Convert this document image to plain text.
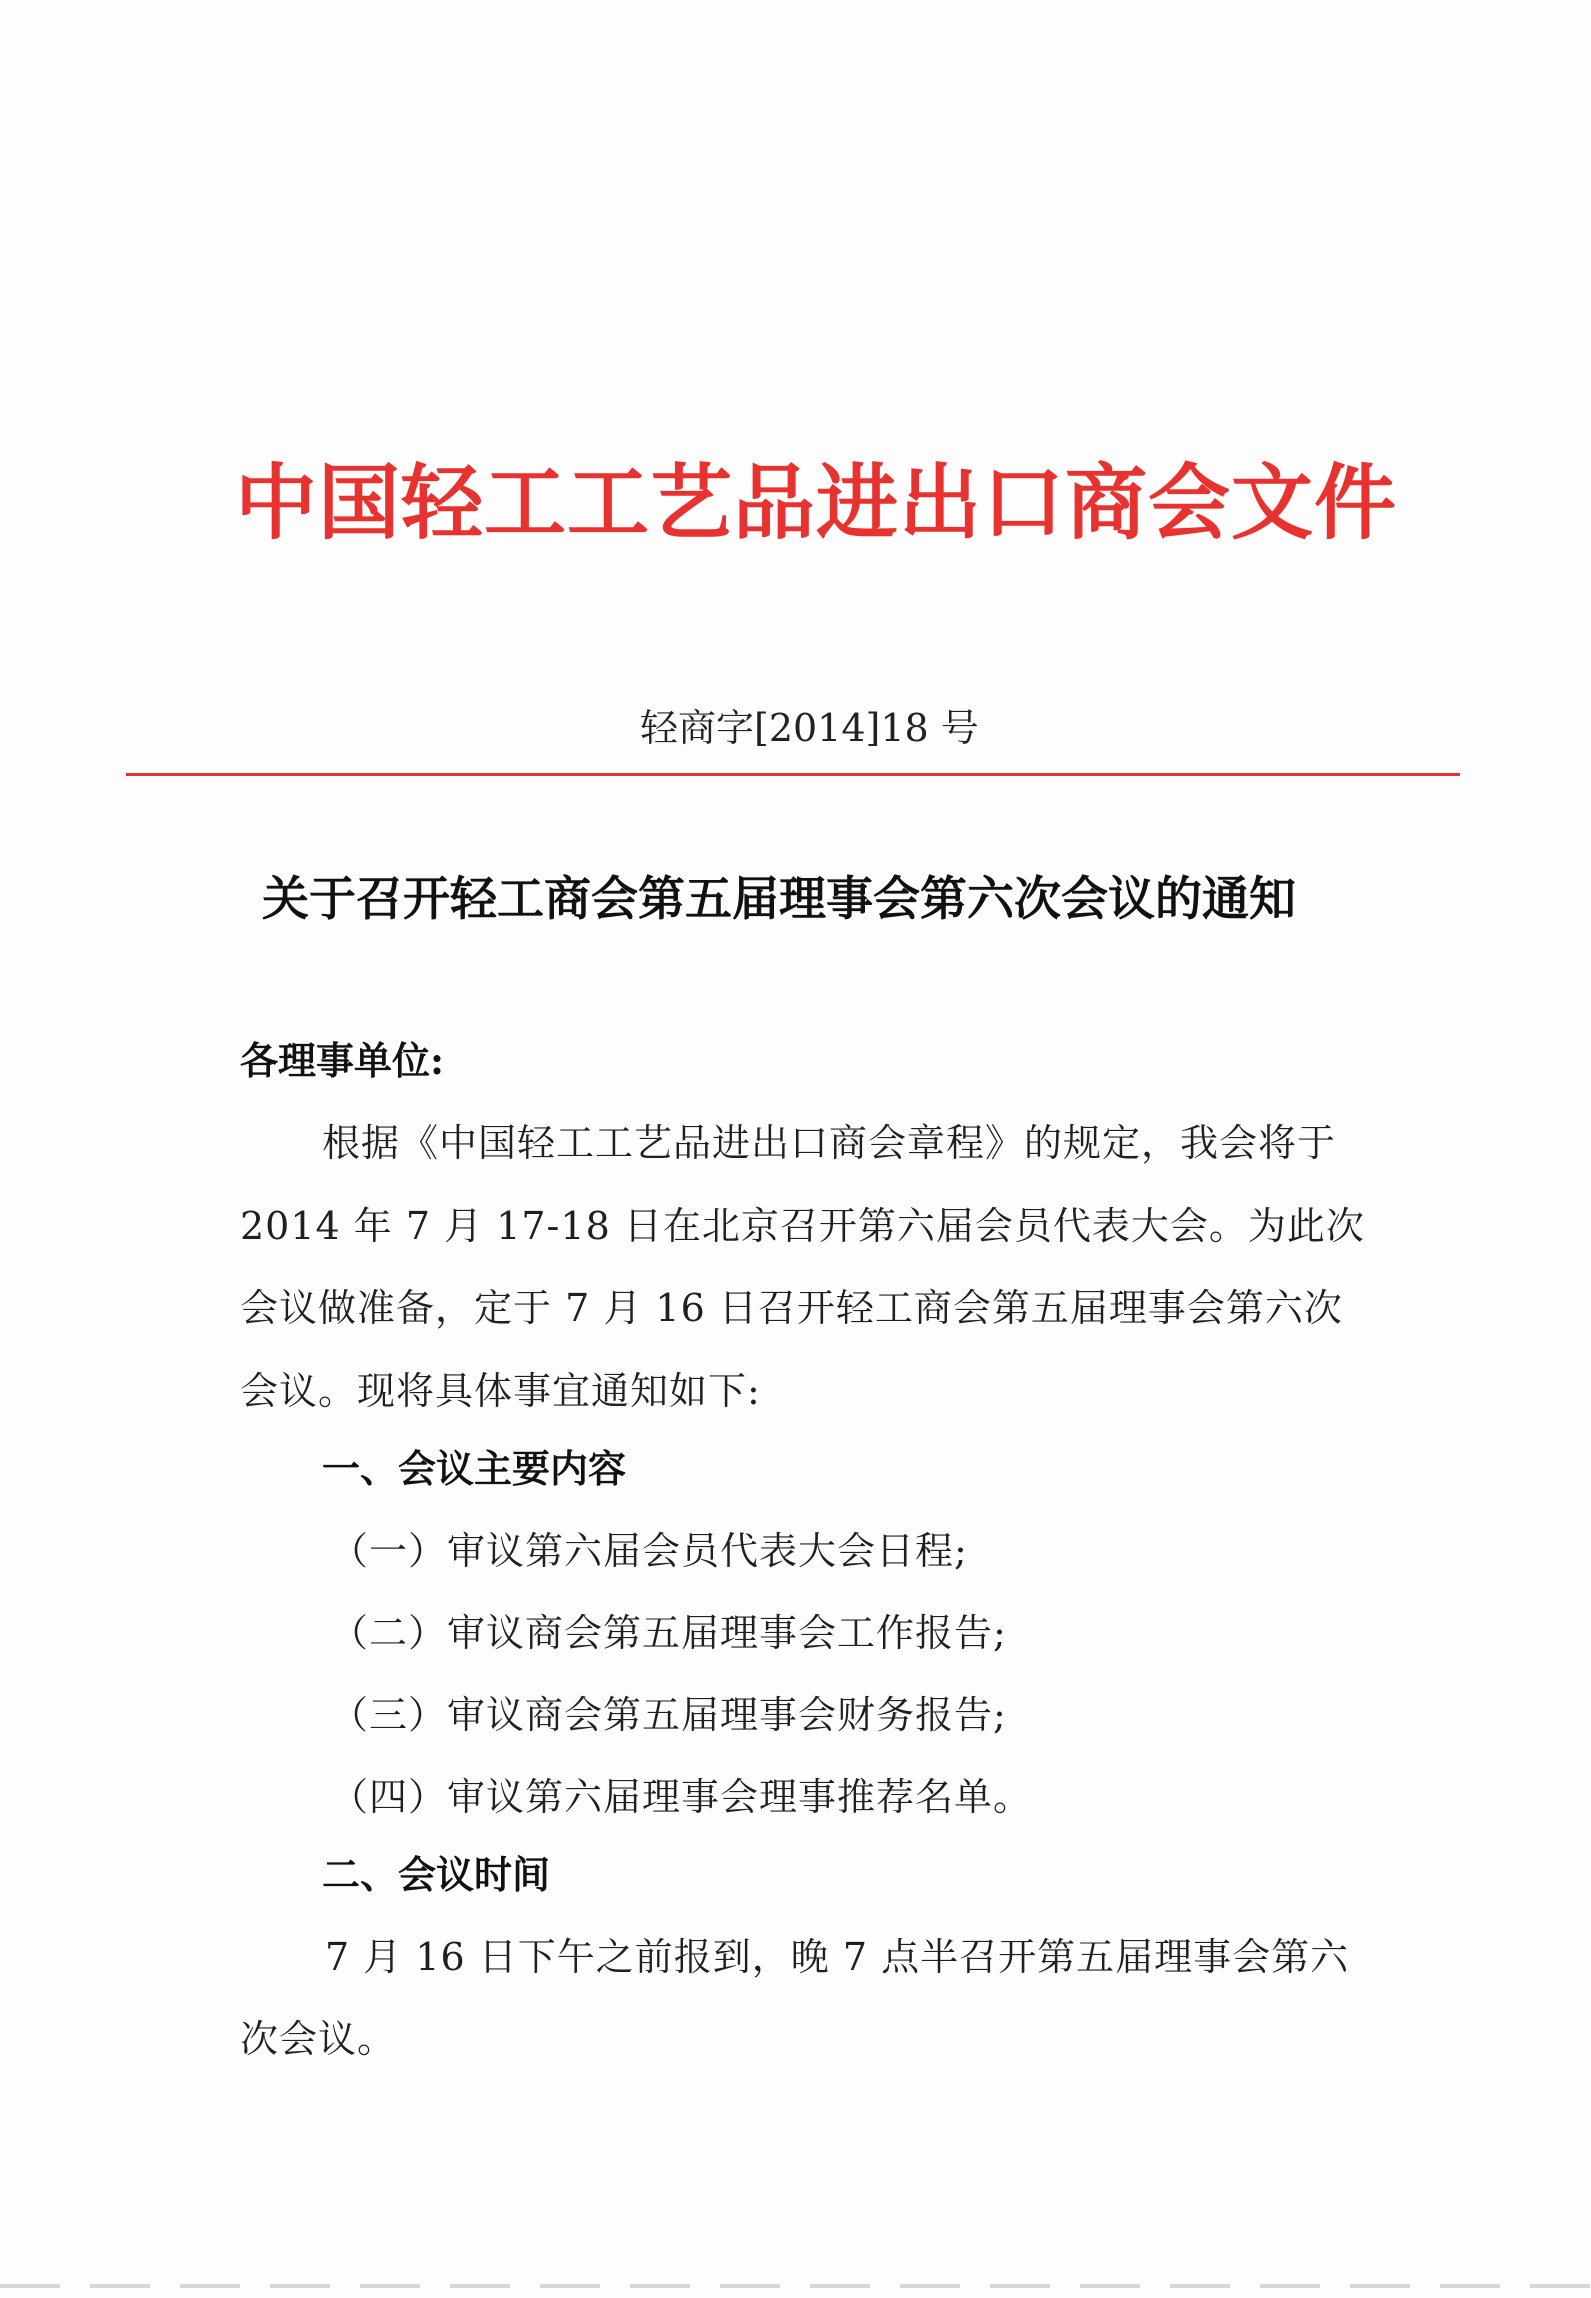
中国轻工工艺品进出口商会文件
轻商字[2014]18 号
关于召开轻工商会第五届理事会第六次会议的通知
各理事单位:
根据《中国轻工工艺品进出口商会章程》的规定，我会将于
2014 年 7 月 17-18 日在北京召开第六届会员代表大会。为此次
会议做准备，定于 7 月 16 日召开轻工商会第五届理事会第六次
会议。现将具体事宜通知如下:
一、会议主要内容
（一）审议第六届会员代表大会日程;
（二）审议商会第五届理事会工作报告;
（三）审议商会第五届理事会财务报告;
（四）审议第六届理事会理事推荐名单。
二、会议时间
7 月 16 日下午之前报到，晚 7 点半召开第五届理事会第六
次会议。
